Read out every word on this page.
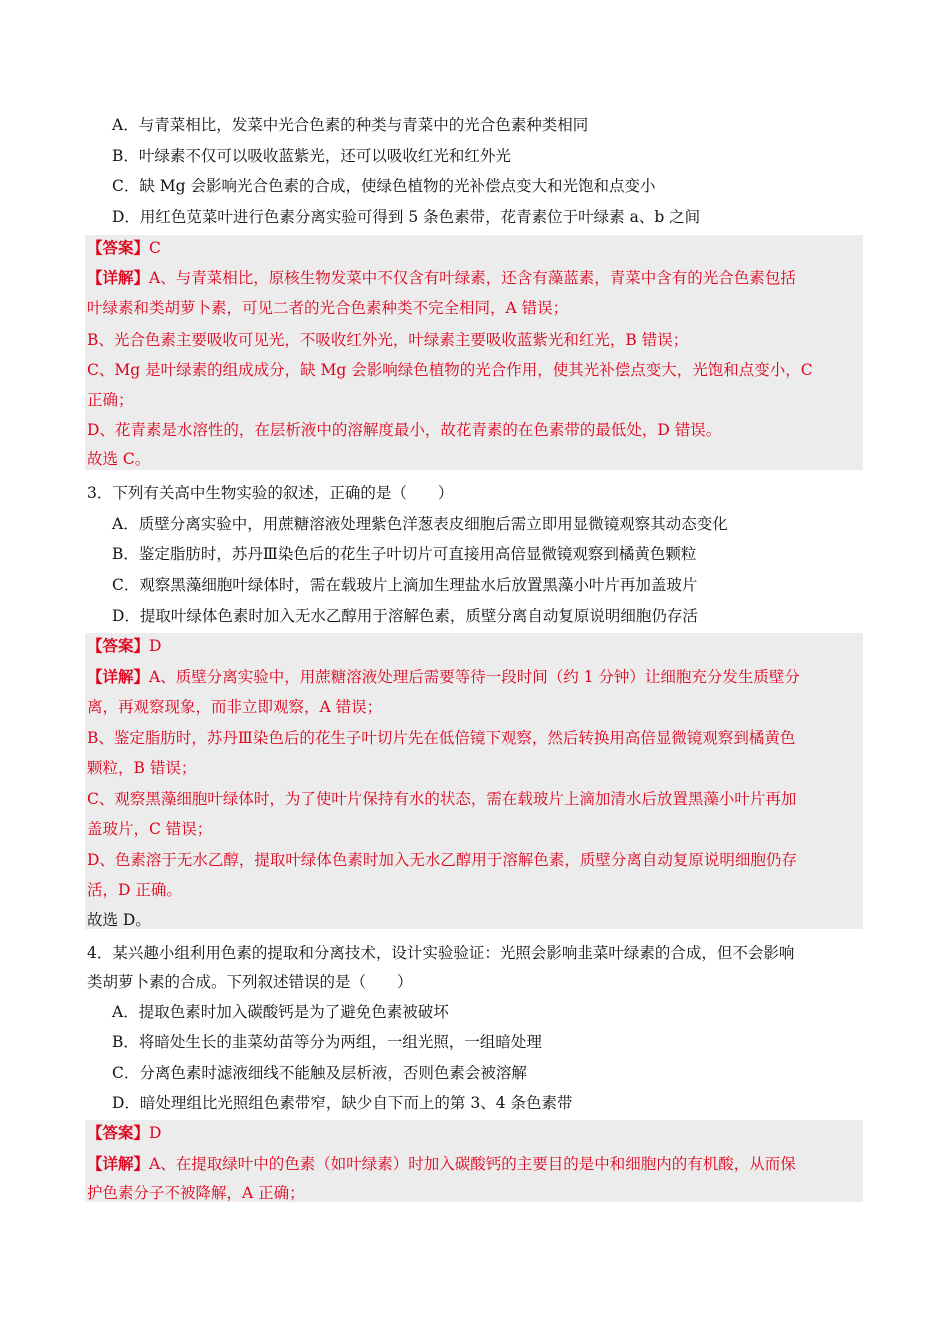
A．与青菜相比，发菜中光合色素的种类与青菜中的光合色素种类相同
B．叶绿素不仅可以吸收蓝紫光，还可以吸收红光和红外光
C．缺 Mg 会影响光合色素的合成，使绿色植物的光补偿点变大和光饱和点变小
D．用红色苋菜叶进行色素分离实验可得到 5 条色素带，花青素位于叶绿素 a、b 之间
【答案】C
【详解】A、与青菜相比，原核生物发菜中不仅含有叶绿素，还含有藻蓝素，青菜中含有的光合色素包括
叶绿素和类胡萝卜素，可见二者的光合色素种类不完全相同，A 错误；
B、光合色素主要吸收可见光，不吸收红外光，叶绿素主要吸收蓝紫光和红光，B 错误；
C、Mg 是叶绿素的组成成分，缺 Mg 会影响绿色植物的光合作用，使其光补偿点变大，光饱和点变小，C
正确；
D、花青素是水溶性的，在层析液中的溶解度最小，故花青素的在色素带的最低处，D 错误。
故选 C。
3．下列有关高中生物实验的叙述，正确的是（　　）
A．质壁分离实验中，用蔗糖溶液处理紫色洋葱表皮细胞后需立即用显微镜观察其动态变化
B．鉴定脂肪时，苏丹Ⅲ染色后的花生子叶切片可直接用高倍显微镜观察到橘黄色颗粒
C．观察黑藻细胞叶绿体时，需在载玻片上滴加生理盐水后放置黑藻小叶片再加盖玻片
D．提取叶绿体色素时加入无水乙醇用于溶解色素，质壁分离自动复原说明细胞仍存活
【答案】D
【详解】A、质壁分离实验中，用蔗糖溶液处理后需要等待一段时间（约 1 分钟）让细胞充分发生质壁分
离，再观察现象，而非立即观察，A 错误；
B、鉴定脂肪时，苏丹Ⅲ染色后的花生子叶切片先在低倍镜下观察，然后转换用高倍显微镜观察到橘黄色
颗粒，B 错误；
C、观察黑藻细胞叶绿体时，为了使叶片保持有水的状态，需在载玻片上滴加清水后放置黑藻小叶片再加
盖玻片，C 错误；
D、色素溶于无水乙醇，提取叶绿体色素时加入无水乙醇用于溶解色素，质壁分离自动复原说明细胞仍存
活，D 正确。
故选 D。
4．某兴趣小组利用色素的提取和分离技术，设计实验验证：光照会影响韭菜叶绿素的合成，但不会影响
类胡萝卜素的合成。下列叙述错误的是（　　）
A．提取色素时加入碳酸钙是为了避免色素被破坏
B．将暗处生长的韭菜幼苗等分为两组，一组光照，一组暗处理
C．分离色素时滤液细线不能触及层析液，否则色素会被溶解
D．暗处理组比光照组色素带窄，缺少自下而上的第 3、4 条色素带
【答案】D
【详解】A、在提取绿叶中的色素（如叶绿素）时加入碳酸钙的主要目的是中和细胞内的有机酸，从而保
护色素分子不被降解，A 正确；
